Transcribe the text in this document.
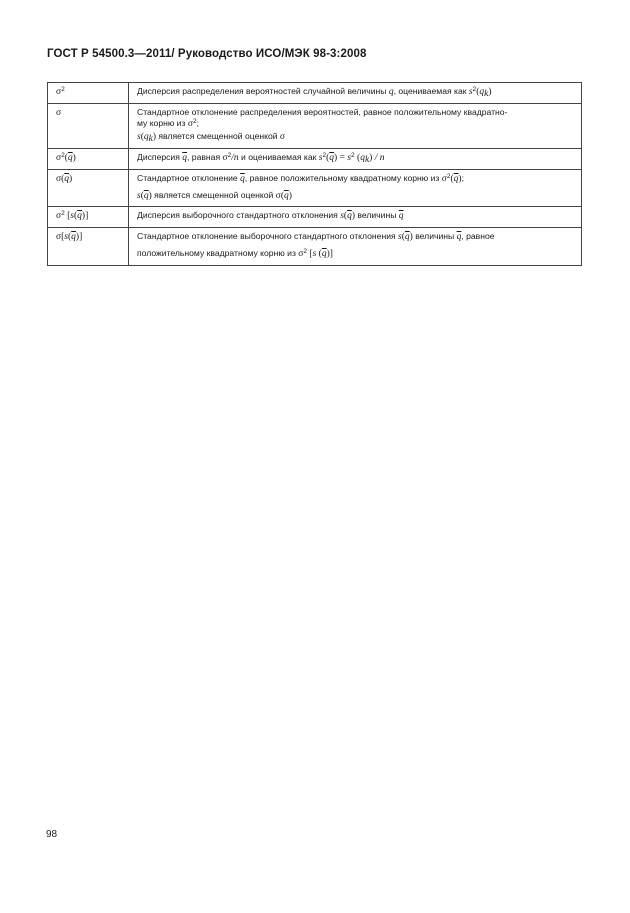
ГОСТ Р 54500.3—2011/ Руководство ИСО/МЭК 98-3:2008
$\sigma^2$	Дисперсия распределения вероятностей случайной величины q, оцениваемая как $s^2(q_k)$
σ	Стандартное отклонение распределения вероятностей, равное положительному квадратно-
му корню из $\sigma^2$;
$s(q_k)$ является смещенной оценкой σ

$\sigma^2(\overline{q})$	Дисперсия $\overline{q}$, равная $\sigma^2/n$ и оцениваемая как $s^2(\overline{q}) = s^2$ $(q_k)$ / n
$\sigma(\overline{q})$	Стандартное отклонение $\overline{q}$, равное положительному квадратному корню из $\sigma^2(\overline{q})$;
$s(\overline{q})$ является смещенной оценкой $\sigma(\overline{q})$

$\sigma^2$ $[s(\overline{q})]$	Дисперсия выборочного стандартного отклонения $s(\overline{q})$ величины $\overline{q}$
$\sigma[s(\overline{q})]$	Стандартное отклонение выборочного стандартного отклонения $s(\overline{q})$ величины $\overline{q}$, равное
положительному квадратному корню из $\sigma^2$ [s $(\overline{q})$]
98
